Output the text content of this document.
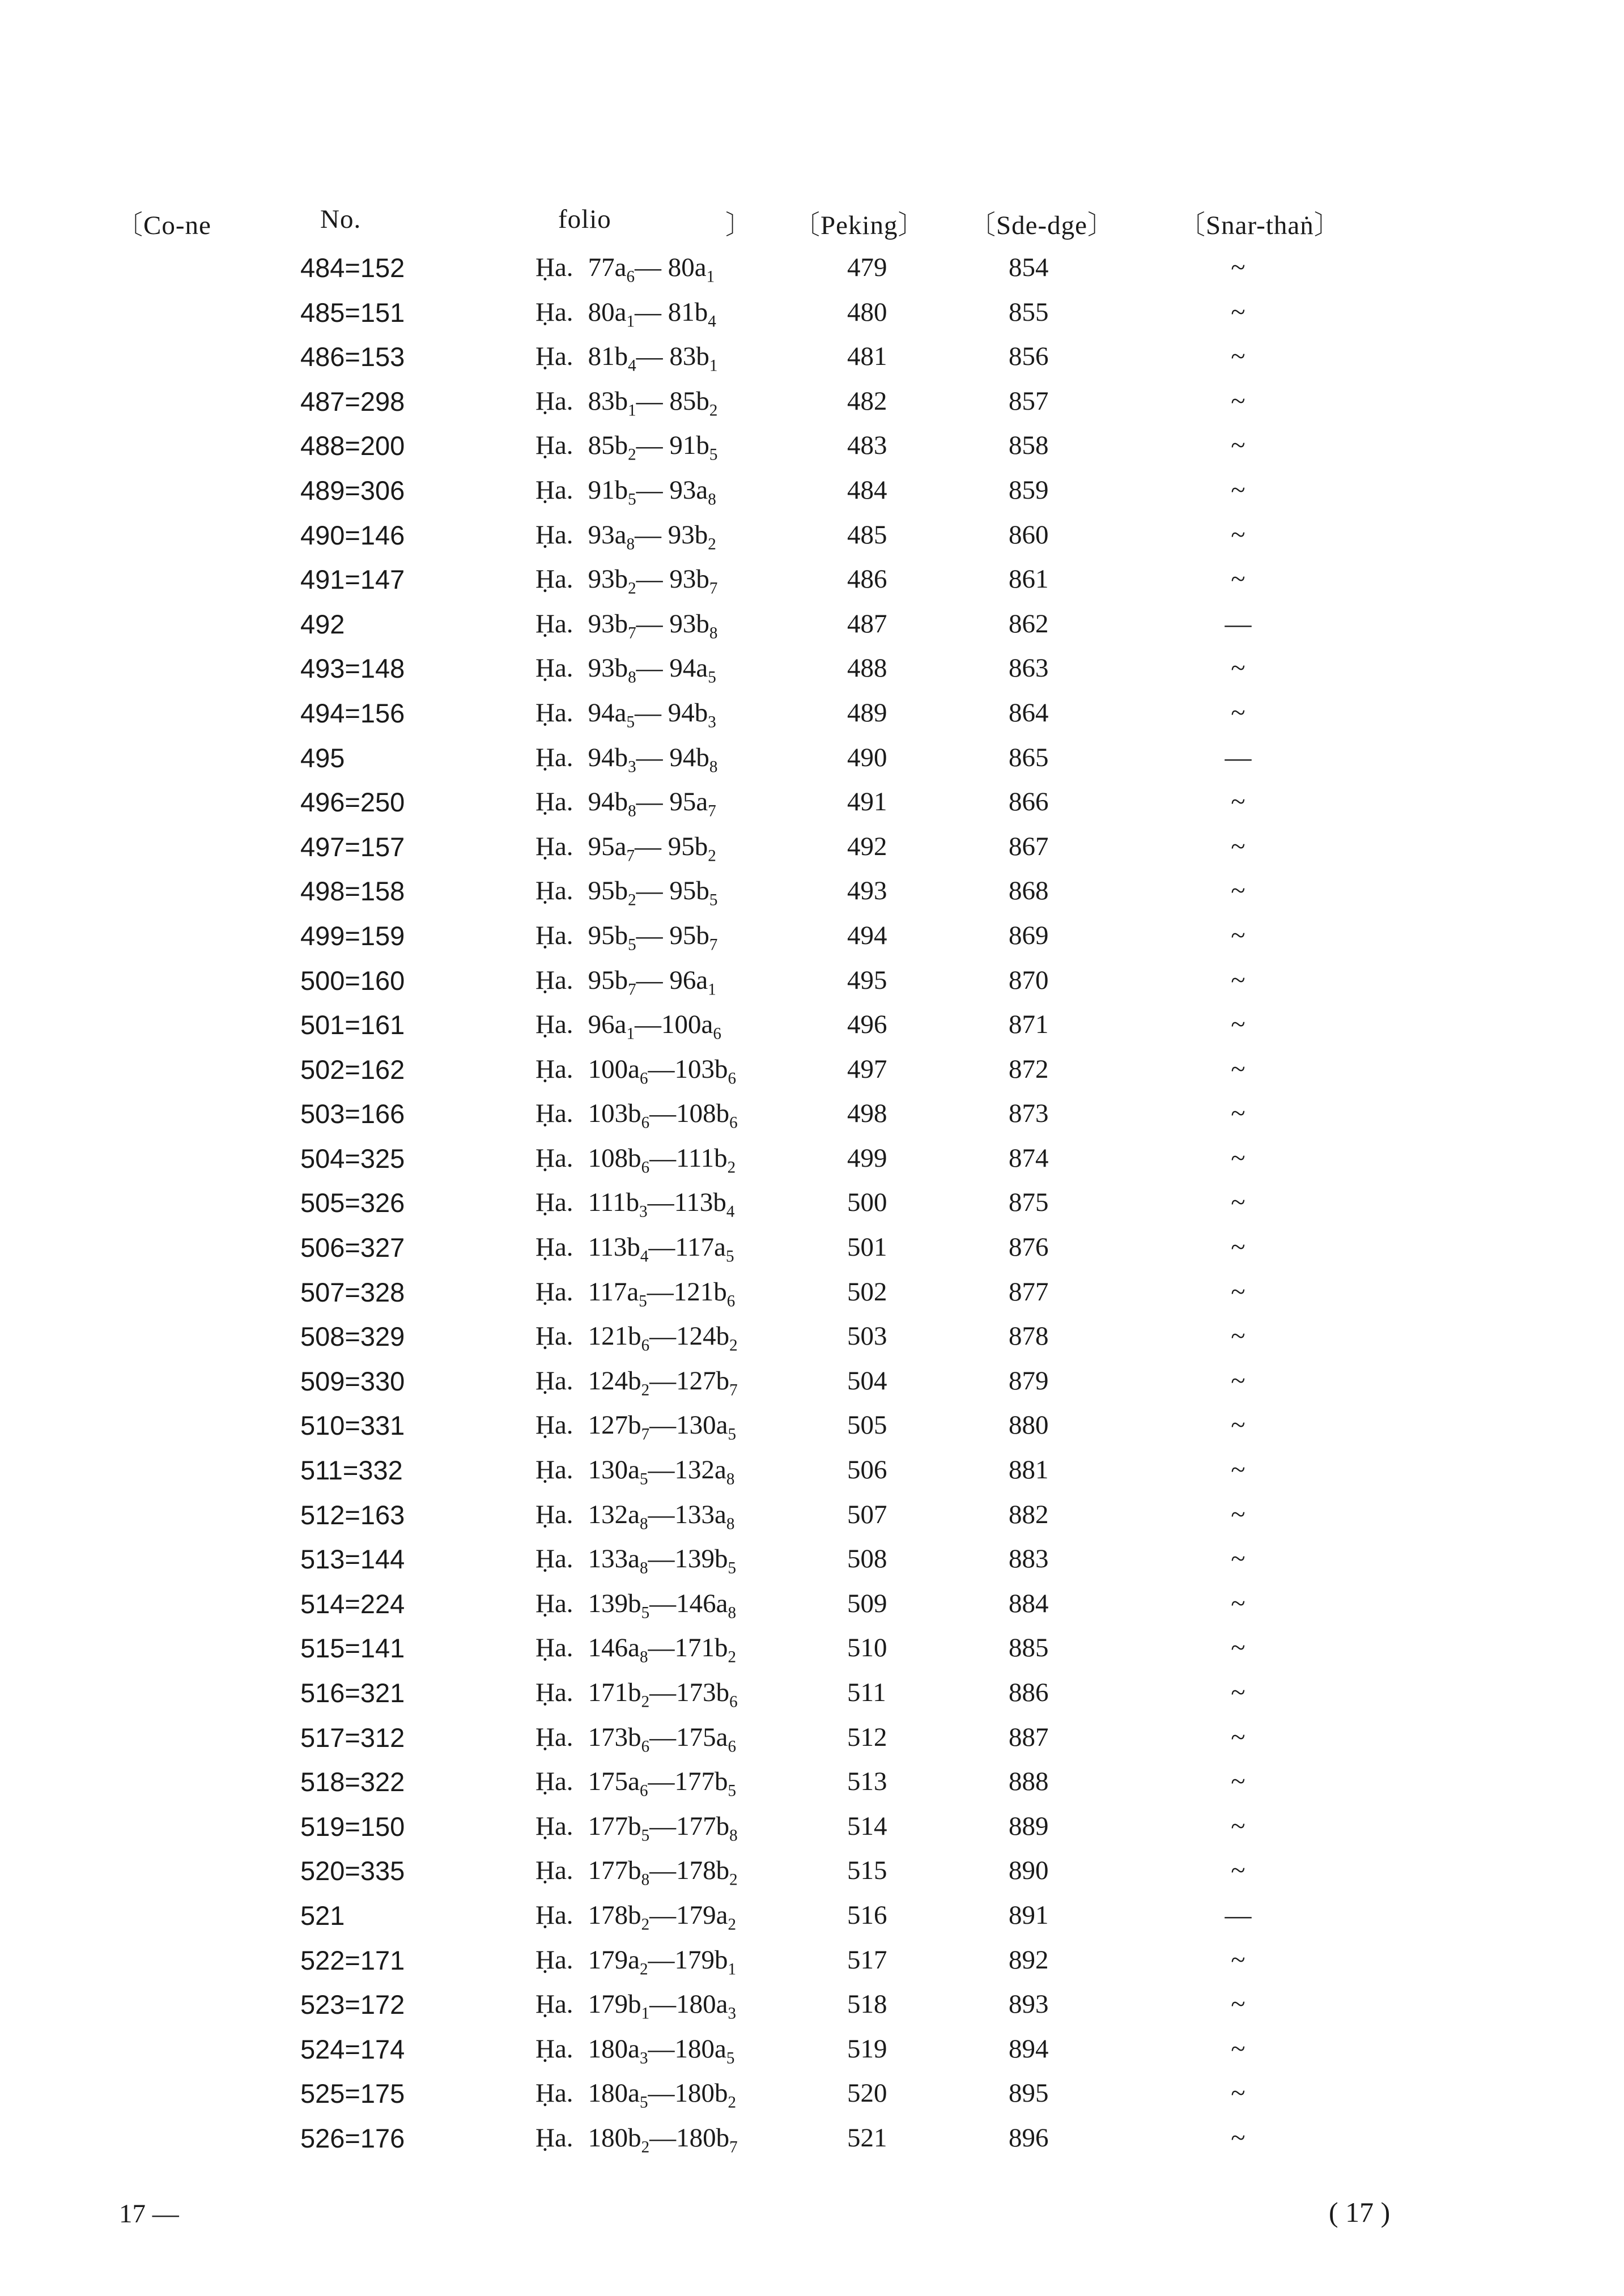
〔Co-ne	No.	folio	〕 〔Peking〕 〔Sde-dge〕 〔Snar-thaṅ〕
484=152	Ḥa. $77a_6—$ $80a_1$	479	854	~
485=151	Ḥa. $80a_1—$ $81b_4$	480	855	~
486=153	Ḥa. $81b_4—$ $83b_1$	481	856	~
487=298	Ḥa. $83b_1—$ $85b_2$	482	857	~
488=200	Ḥa. $85b_2—$ $91b_5$	483	858	~
489=306	Ḥa. $91b_5—$ $93a_8$	484	859	~
490=146	Ḥa. $93a_8—$ $93b_2$	485	860	~
491=147	Ḥa. $93b_2—$ $93b_7$	486	861	~
492	Ḥa. $93b_7—$ $93b_8$	487	862	—
493=148	Ḥa. $93b_8—$ $94a_5$	488	863	~
494=156	Ḥa. $94a_5—$ $94b_3$	489	864	~
495	Ḥa. $94b_3—$ $94b_8$	490	865	—
496=250	Ḥa. $94b_8—$ $95a_7$	491	866	~
497=157	Ḥa. $95a_7—$ $95b_2$	492	867	~
498=158	Ḥa. $95b_2—$ $95b_5$	493	868	~
499=159	Ḥa. $95b_5—$ $95b_7$	494	869	~
500=160	Ḥa. $95b_7—$ $96a_1$	495	870	~
501=161	Ḥa. $96a_1—100a_6$	496	871	~
502=162	Ḥa. $100a_6—103b_6$	497	872	~
503=166	Ḥa. $103b_6—108b_6$	498	873	~
504=325	Ḥa. $108b_6—111b_2$	499	874	~
505=326	Ḥa. $111b_3—113b_4$	500	875	~
506=327	Ḥa. $113b_4—117a_5$	501	876	~
507=328	Ḥa. $117a_5—121b_6$	502	877	~
508=329	Ḥa. $121b_6—124b_2$	503	878	~
509=330	Ḥa. $124b_2—127b_7$	504	879	~
510=331	Ḥa. $127b_7—130a_5$	505	880	~
511=332	Ḥa. $130a_5—132a_8$	506	881	~
512=163	Ḥa. $132a_8—133a_8$	507	882	~
513=144	Ḥa. $133a_8—139b_5$	508	883	~
514=224	Ḥa. $139b_5—146a_8$	509	884	~
515=141	Ḥa. $146a_8—171b_2$	510	885	~
516=321	Ḥa. $171b_2—173b_6$	511	886	~
517=312	Ḥa. $173b_6—175a_6$	512	887	~
518=322	Ḥa. $175a_6—177b_5$	513	888	~
519=150	Ḥa. $177b_5—177b_8$	514	889	~
520=335	Ḥa. $177b_8—178b_2$	515	890	~
521	Ḥa. $178b_2—179a_2$	516	891	—
522=171	Ḥa. $179a_2—179b_1$	517	892	~
523=172	Ḥa. $179b_1—180a_3$	518	893	~
524=174	Ḥa. $180a_3—180a_5$	519	894	~
525=175	Ḥa. $180a_5—180b_2$	520	895	~
526=176	Ḥa. $180b_2—180b_7$	521	896	~
17 —	( 17 )
